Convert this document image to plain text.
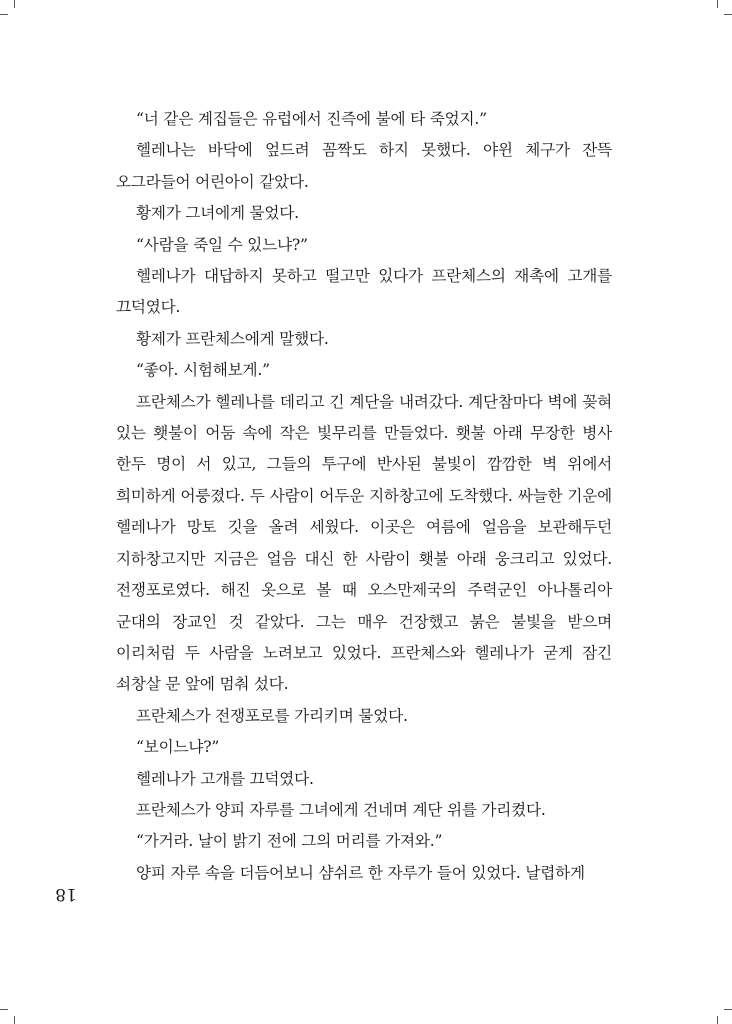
“너 같은 계집들은 유럽에서 진즉에 불에 타 죽었지.”

헬레나는 바닥에 엎드려 꼼짝도 하지 못했다. 야윈 체구가 잔뜩 오그라들어 어린아이 같았다.

황제가 그녀에게 물었다.

“사람을 죽일 수 있느냐?”

헬레나가 대답하지 못하고 떨고만 있다가 프란체스의 재촉에 고개를 끄덕였다.

황제가 프란체스에게 말했다.

“좋아. 시험해보게.”

프란체스가 헬레나를 데리고 긴 계단을 내려갔다. 계단참마다 벽에 꽂혀 있는 횃불이 어둠 속에 작은 빛무리를 만들었다. 횃불 아래 무장한 병사 한두 명이 서 있고, 그들의 투구에 반사된 불빛이 깜깜한 벽 위에서 희미하게 어룽졌다. 두 사람이 어두운 지하창고에 도착했다. 싸늘한 기운에 헬레나가 망토 깃을 올려 세웠다. 이곳은 여름에 얼음을 보관해두던 지하창고지만 지금은 얼음 대신 한 사람이 횃불 아래 웅크리고 있었다. 전쟁포로였다. 해진 옷으로 볼 때 오스만제국의 주력군인 아나톨리아 군대의 장교인 것 같았다. 그는 매우 건장했고 붉은 불빛을 받으며 이리처럼 두 사람을 노려보고 있었다. 프란체스와 헬레나가 굳게 잠긴 쇠창살 문 앞에 멈춰 섰다.

프란체스가 전쟁포로를 가리키며 물었다.

“보이느냐?”

헬레나가 고개를 끄덕였다.

프란체스가 양피 자루를 그녀에게 건네며 계단 위를 가리켰다.

“가거라. 날이 밝기 전에 그의 머리를 가져와.”

양피 자루 속을 더듬어보니 샴쉬르 한 자루가 들어 있었다. 날렵하게

18
